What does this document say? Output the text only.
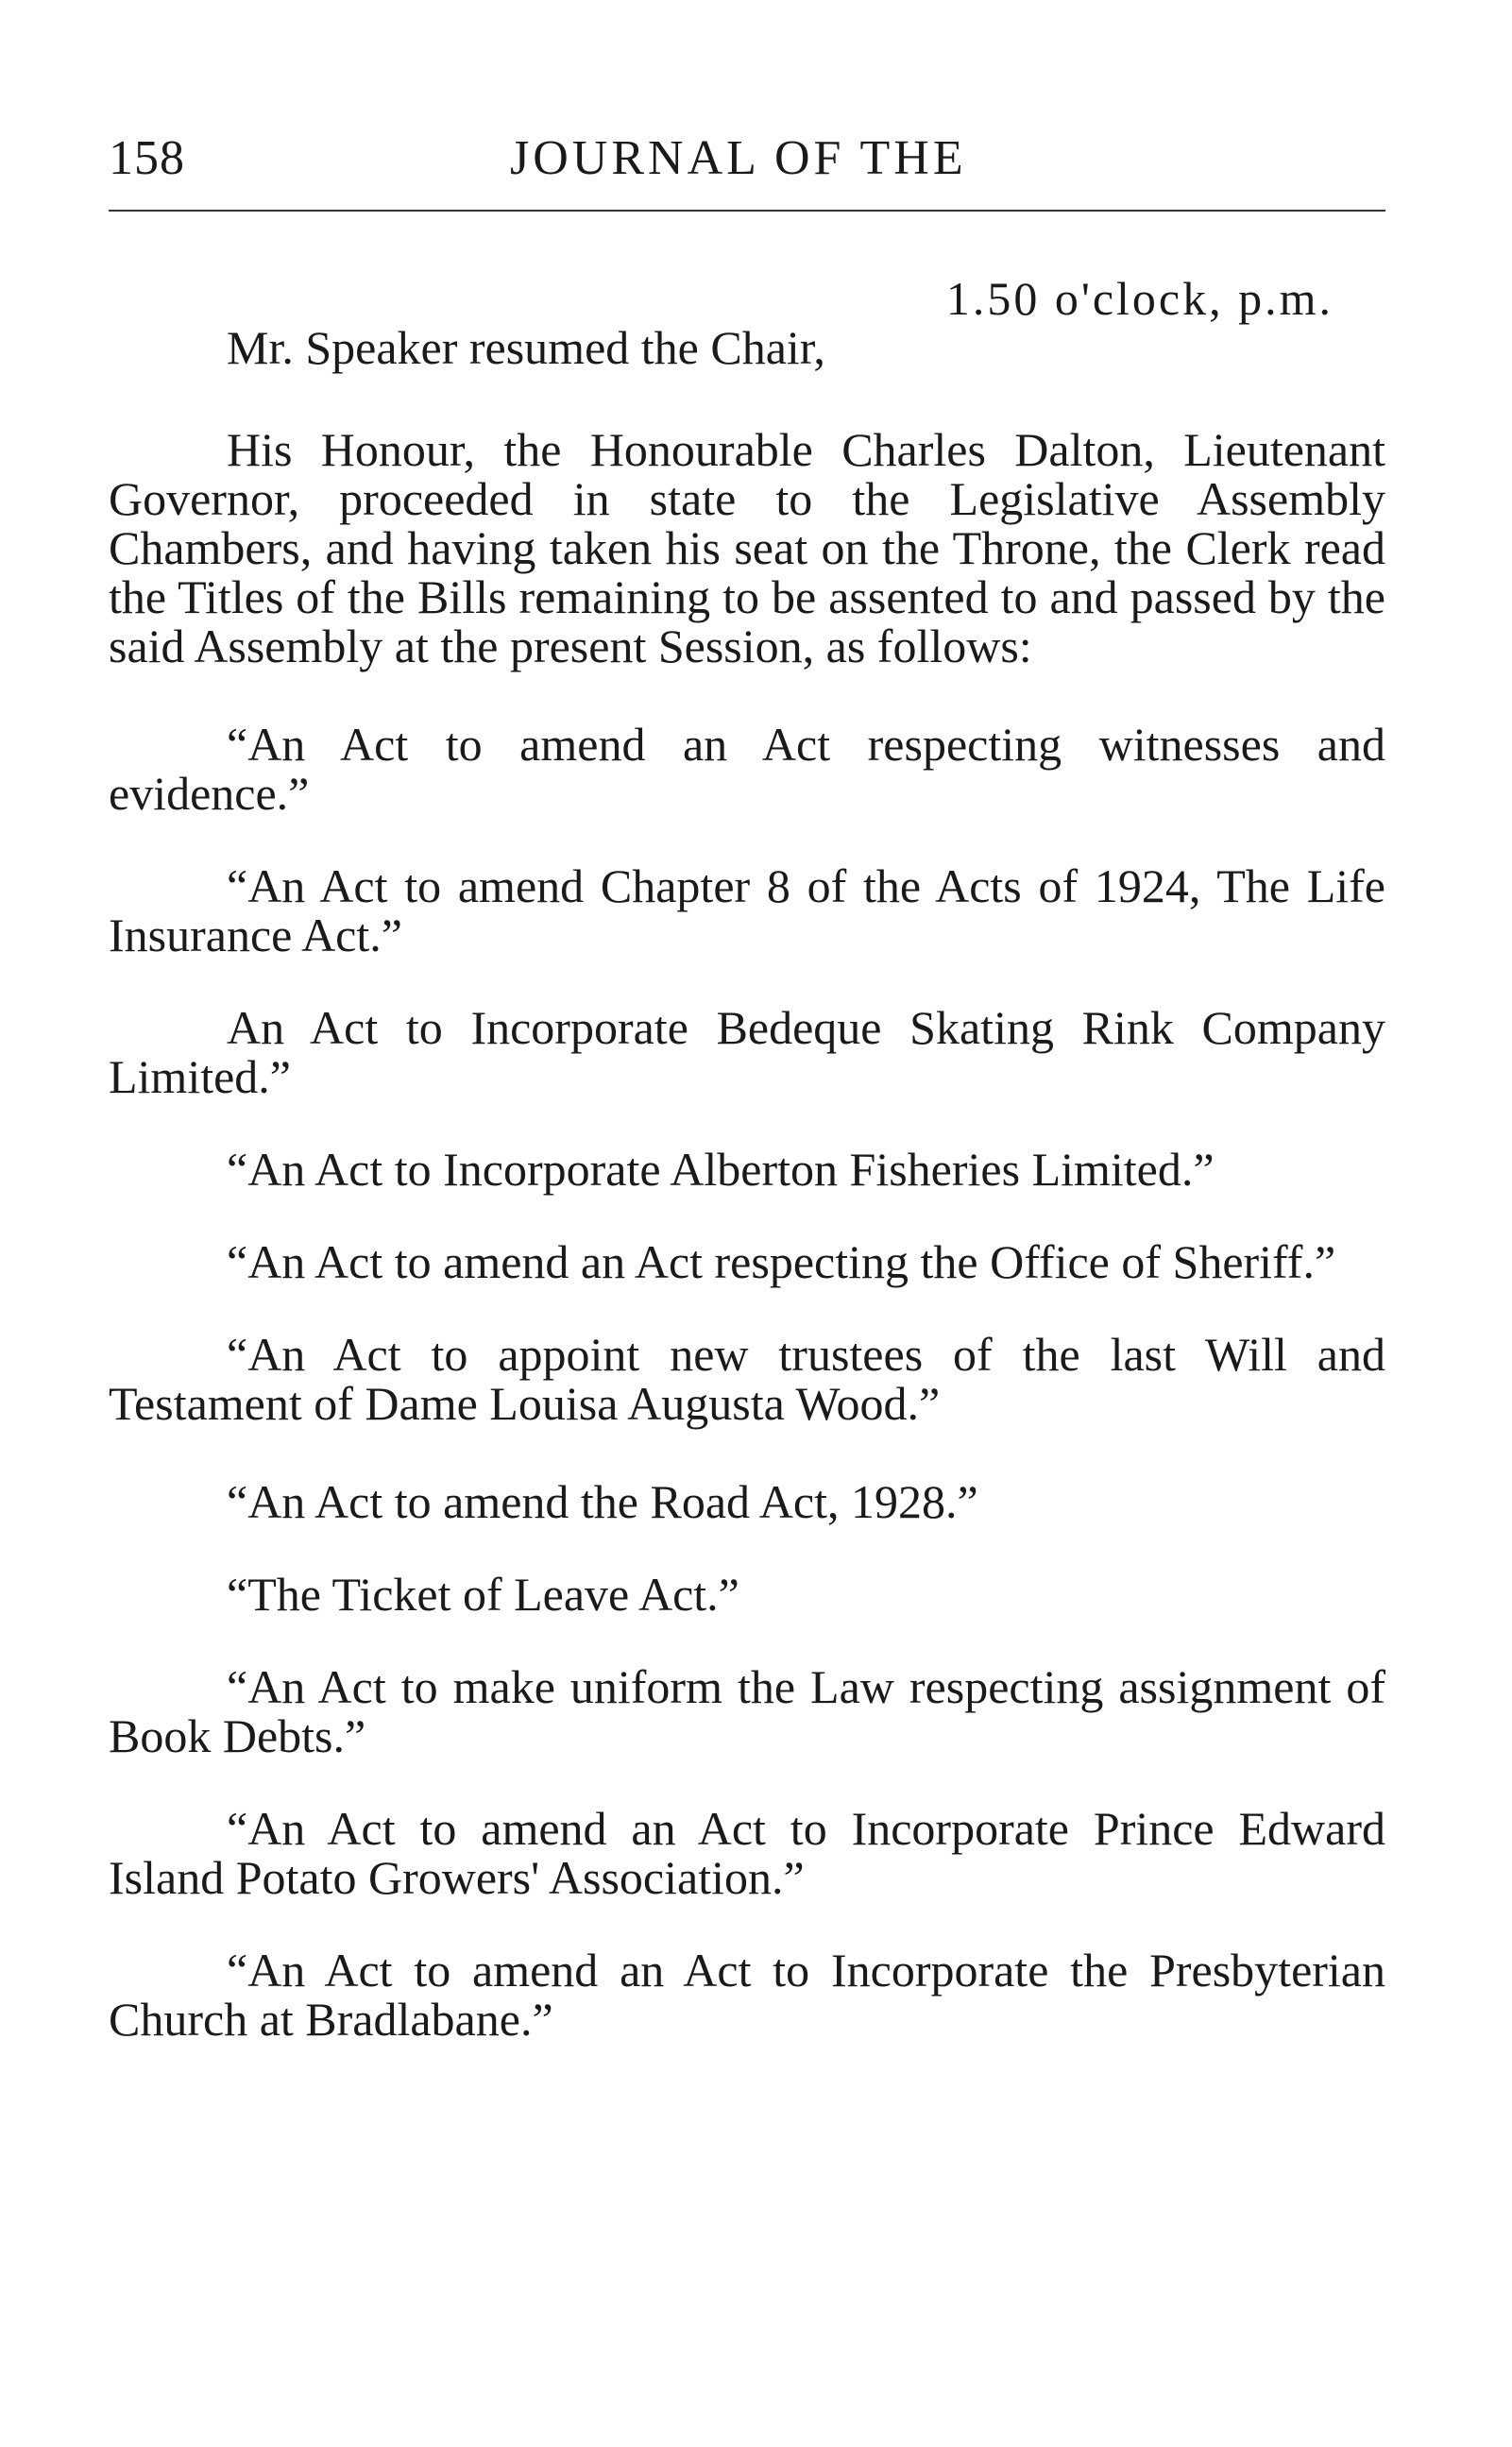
158	JOURNAL OF THE

1.50 o'clock, p.m.

Mr. Speaker resumed the Chair,

His Honour, the Honourable Charles Dalton, Lieutenant Governor, proceeded in state to the Legislative Assembly Chambers, and having taken his seat on the Throne, the Clerk read the Titles of the Bills remaining to be assented to and passed by the said Assembly at the present Session, as follows:

“An Act to amend an Act respecting witnesses and evidence.”

“An Act to amend Chapter 8 of the Acts of 1924, The Life Insurance Act.”

An Act to Incorporate Bedeque Skating Rink Company Limited.”

“An Act to Incorporate Alberton Fisheries Limited.”

“An Act to amend an Act respecting the Office of Sheriff.”

“An Act to appoint new trustees of the last Will and Testament of Dame Louisa Augusta Wood.”

“An Act to amend the Road Act, 1928.”

“The Ticket of Leave Act.”

“An Act to make uniform the Law respecting assignment of Book Debts.”

“An Act to amend an Act to Incorporate Prince Edward Island Potato Growers' Association.”

“An Act to amend an Act to Incorporate the Presbyterian Church at Bradlabane.”
